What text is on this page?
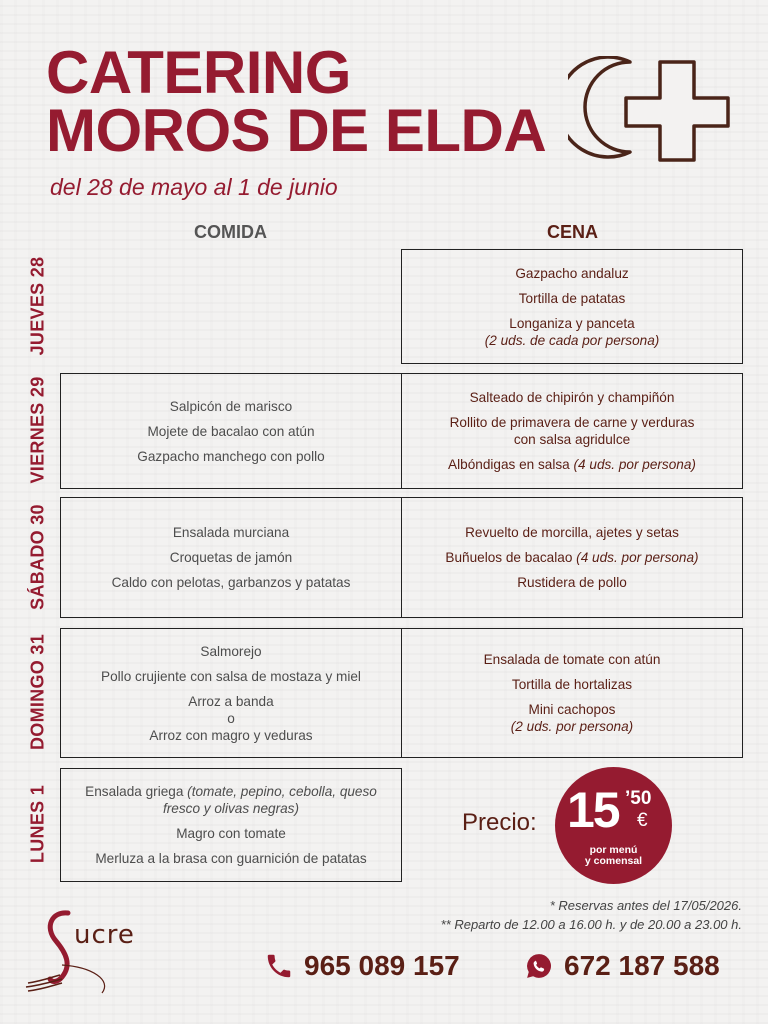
CATERING
MOROS DE ELDA
del 28 de mayo al 1 de junio
COMIDA	CENA
JUEVES 28
VIERNES 29
SÁBADO 30
DOMINGO 31
LUNES 1
Gazpacho andaluz
Tortilla de patatas
Longaniza y panceta
(2 uds. de cada por persona)
Salpicón de marisco
Mojete de bacalao con atún
Gazpacho manchego con pollo
Salteado de chipirón y champiñón
Rollito de primavera de carne y verduras con salsa agridulce
Albóndigas en salsa (4 uds. por persona)
Ensalada murciana
Croquetas de jamón
Caldo con pelotas, garbanzos y patatas
Revuelto de morcilla, ajetes y setas
Buñuelos de bacalao (4 uds. por persona)
Rustidera de pollo
Salmorejo
Pollo crujiente con salsa de mostaza y miel
Arroz a banda
o
Arroz con magro y veduras
Ensalada de tomate con atún
Tortilla de hortalizas
Mini cachopos
(2 uds. por persona)
Ensalada griega (tomate, pepino, cebolla, queso fresco y olivas negras)
Magro con tomate
Merluza a la brasa con guarnición de patatas
Precio: 15 ’50
€
por menú
y comensal
* Reservas antes del 17/05/2026.
** Reparto de 12.00 a 16.00 h. y de 20.00 a 23.00 h.
ucre
965 089 157	672 187 588
